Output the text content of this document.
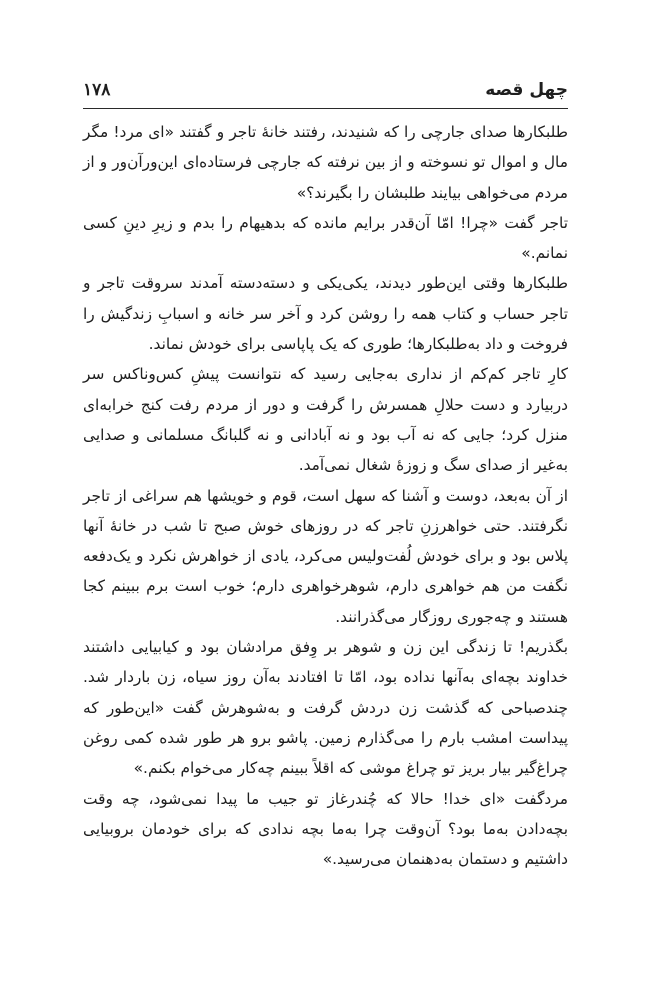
چهل قصه
۱۷۸

طلبکارها صدای جارچی را که شنیدند، رفتند خانهٔ تاجر و گفتند «ای مرد! مگر مال و اموال تو نسوخته و از بین نرفته که جارچی فرستاده‌ای این‌ورآن‌ور و از مردم می‌خواهی بیایند طلبشان را بگیرند؟»

تاجر گفت «چرا! امّا آن‌قدر برایم مانده که بدهیهام را بدم و زیرِ دینِ کسی نمانم.»

طلبکارها وقتی این‌طور دیدند، یکی‌یکی و دسته‌دسته آمدند سروقت تاجر و تاجر حساب و کتاب همه را روشن کرد و آخر سر خانه و اسبابِ زندگیش را فروخت و داد به‌طلبکارها؛ طوری که یک پاپاسی برای خودش نماند.

کارِ تاجر کم‌کم از نداری به‌جایی رسید که نتوانست پیشِ کس‌وناکس سر دربیارد و دست حلالِ همسرش را گرفت و دور از مردم رفت کنج خرابه‌ای منزل کرد؛ جایی که نه آب بود و نه آبادانی و نه گلبانگ مسلمانی و صدایی به‌غیر از صدای سگ و زوزهٔ شغال نمی‌آمد.

از آن به‌بعد، دوست و آشنا که سهل است، قوم و خویشها هم سراغی از تاجر نگرفتند. حتی خواهرزنِ تاجر که در روزهای خوش صبح تا شب در خانهٔ آنها پلاس بود و برای خودش لُفت‌ولیس می‌کرد، یادی از خواهرش نکرد و یک‌دفعه نگفت من هم خواهری دارم، شوهرخواهری دارم؛ خوب است برم ببینم کجا هستند و چه‌جوری روزگار می‌گذرانند.

بگذریم! تا زندگی این زن و شوهر بر وِفق مرادشان بود و کیابیایی داشتند خداوند بچه‌ای به‌آنها نداده بود، امّا تا افتادند به‌آن روز سیاه، زن باردار شد. چندصباحی که گذشت زن دردش گرفت و به‌شوهرش گفت «این‌طور که پیداست امشب بارم را می‌گذارم زمین. پاشو برو هر طور شده کمی روغن چراغ‌گیر بیار بریز تو چراغ موشی که اقلاً ببینم چه‌کار می‌خوام بکنم.»

مردگفت «ای خدا! حالا که چُندرغاز تو جیب ما پیدا نمی‌شود، چه وقت بچه‌دادن به‌ما بود؟ آن‌وقت چرا به‌ما بچه ندادی که برای خودمان بروبیایی داشتیم و دستمان به‌دهنمان می‌رسید.»
